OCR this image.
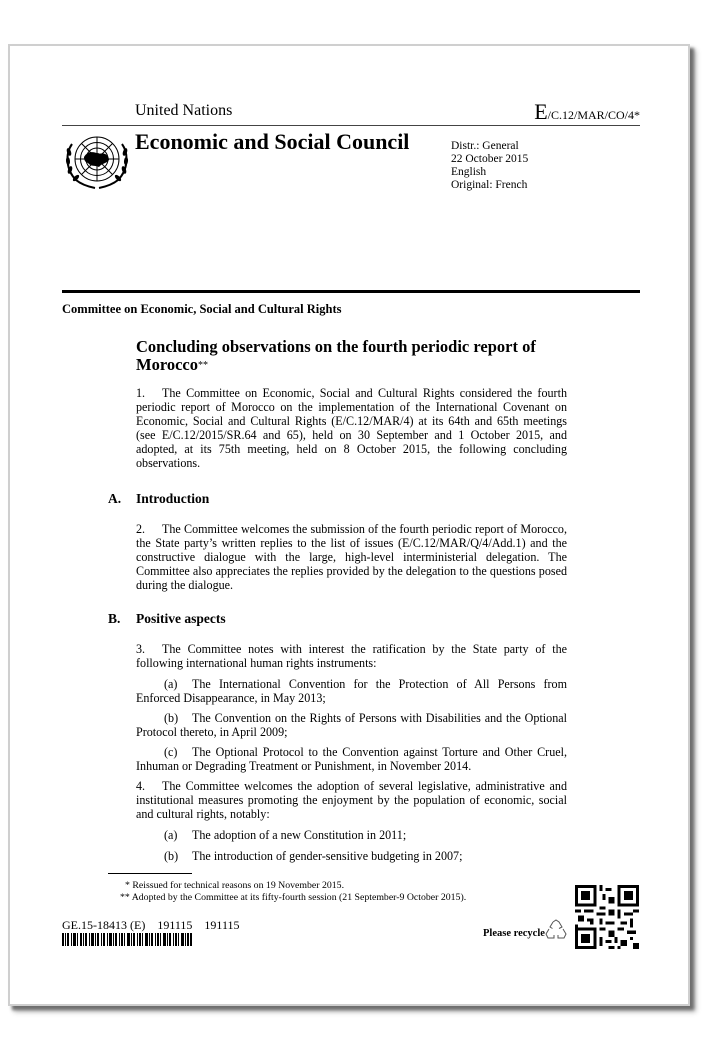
United Nations	E/C.12/MAR/CO/4*
Economic and Social Council	Distr.: General
22 October 2015
English
Original: French
Committee on Economic, Social and Cultural Rights
Concluding observations on the fourth periodic report of
Morocco**
1. The Committee on Economic, Social and Cultural Rights considered the fourth periodic report of Morocco on the implementation of the International Covenant on Economic, Social and Cultural Rights (E/C.12/MAR/4) at its 64th and 65th meetings (see E/C.12/2015/SR.64 and 65), held on 30 September and 1 October 2015, and adopted, at its 75th meeting, held on 8 October 2015, the following concluding observations.
A. Introduction
2. The Committee welcomes the submission of the fourth periodic report of Morocco, the State party’s written replies to the list of issues (E/C.12/MAR/Q/4/Add.1) and the constructive dialogue with the large, high-level interministerial delegation. The Committee also appreciates the replies provided by the delegation to the questions posed during the dialogue.
B. Positive aspects
3. The Committee notes with interest the ratification by the State party of the following international human rights instruments:
(a) The International Convention for the Protection of All Persons from Enforced Disappearance, in May 2013;
(b) The Convention on the Rights of Persons with Disabilities and the Optional Protocol thereto, in April 2009;
(c) The Optional Protocol to the Convention against Torture and Other Cruel, Inhuman or Degrading Treatment or Punishment, in November 2014.
4. The Committee welcomes the adoption of several legislative, administrative and institutional measures promoting the enjoyment by the population of economic, social and cultural rights, notably:
(a) The adoption of a new Constitution in 2011;
(b) The introduction of gender-sensitive budgeting in 2007;
* Reissued for technical reasons on 19 November 2015.
** Adopted by the Committee at its fifty-fourth session (21 September-9 October 2015).
GE.15-18413 (E)    191115    191115
Please recycle
